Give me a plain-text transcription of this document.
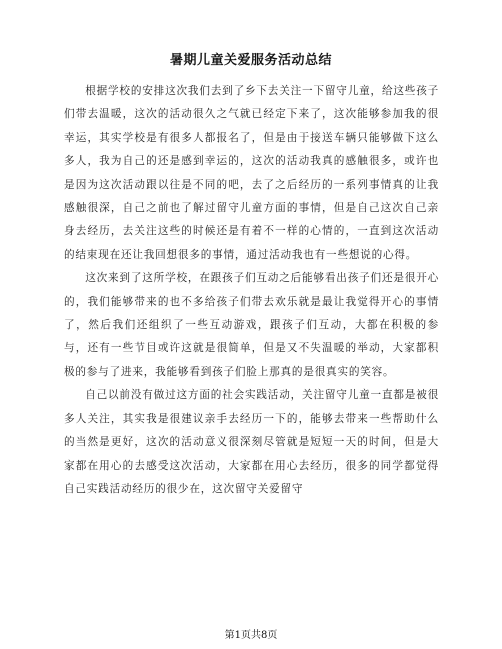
暑期儿童关爱服务活动总结

根据学校的安排这次我们去到了乡下去关注一下留守儿童，给这些孩子们带去温暖，这次的活动很久之气就已经定下来了，这次能够参加我的很幸运，其实学校是有很多人都报名了，但是由于接送车辆只能够做下这么多人，我为自己的还是感到幸运的，这次的活动我真的感触很多，或许也是因为这次活动跟以往是不同的吧，去了之后经历的一系列事情真的让我感触很深，自己之前也了解过留守儿童方面的事情，但是自己这次自己亲身去经历，去关注这些的时候还是有着不一样的心情的，一直到这次活动的结束现在还让我回想很多的事情，通过活动我也有一些想说的心得。

这次来到了这所学校，在跟孩子们互动之后能够看出孩子们还是很开心的，我们能够带来的也不多给孩子们带去欢乐就是最让我觉得开心的事情了，然后我们还组织了一些互动游戏，跟孩子们互动，大都在积极的参与，还有一些节目或许这就是很简单，但是又不失温暖的举动，大家都积极的参与了进来，我能够看到孩子们脸上那真的是很真实的笑容。

自己以前没有做过这方面的社会实践活动，关注留守儿童一直都是被很多人关注，其实我是很建议亲手去经历一下的，能够去带来一些帮助什么的当然是更好，这次的活动意义很深刻尽管就是短短一天的时间，但是大家都在用心的去感受这次活动，大家都在用心去经历，很多的同学都觉得自己实践活动经历的很少在，这次留守关爱留守

第1页共8页
